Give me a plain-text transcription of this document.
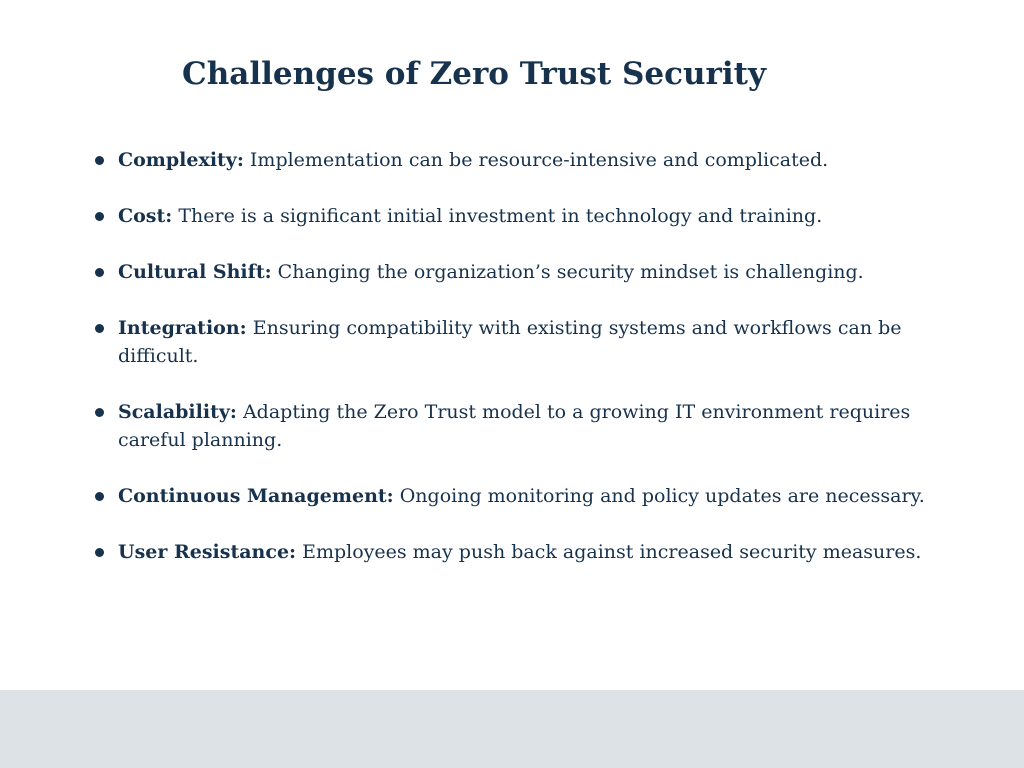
Challenges of Zero Trust Security
Complexity: Implementation can be resource-intensive and complicated.
Cost: There is a significant initial investment in technology and training.
Cultural Shift: Changing the organization’s security mindset is challenging.
Integration: Ensuring compatibility with existing systems and workflows can be difficult.
Scalability: Adapting the Zero Trust model to a growing IT environment requires careful planning.
Continuous Management: Ongoing monitoring and policy updates are necessary.
User Resistance: Employees may push back against increased security measures.
